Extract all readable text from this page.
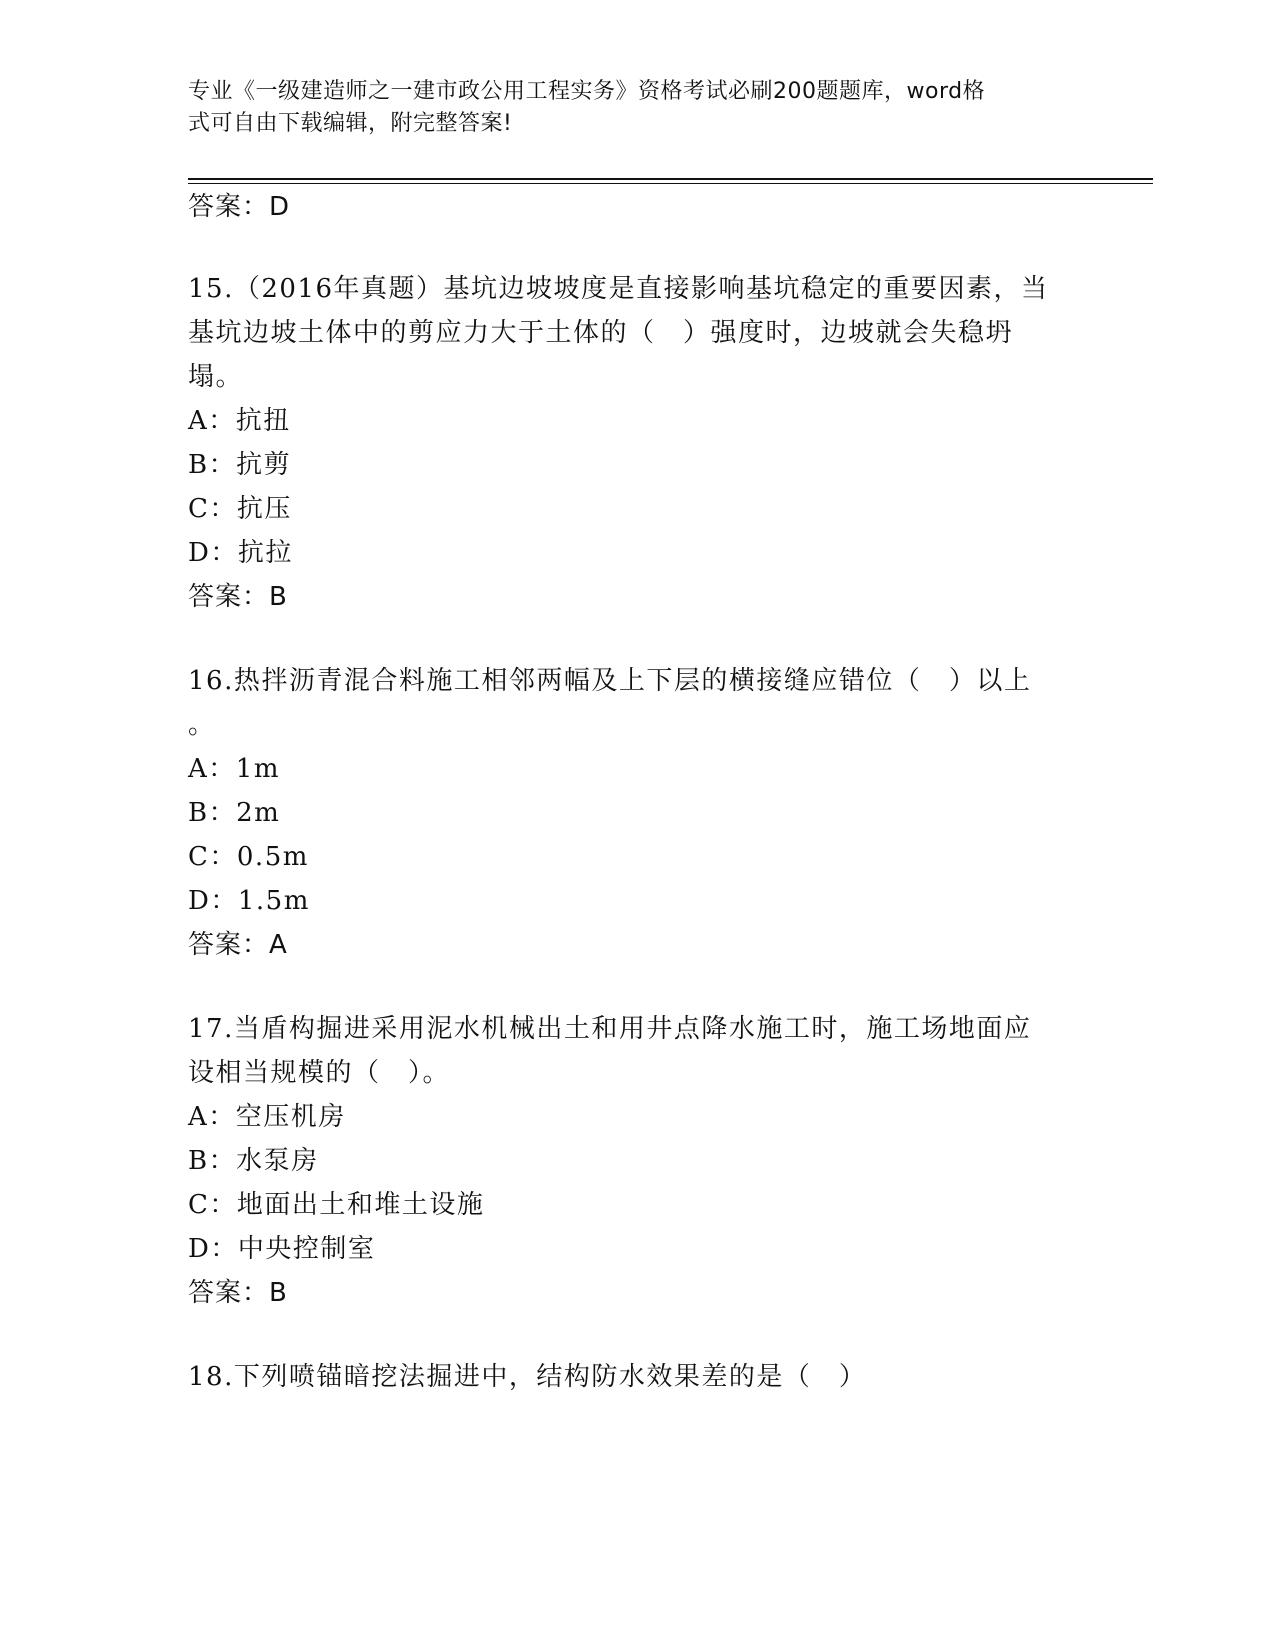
专业《一级建造师之一建市政公用工程实务》资格考试必刷200题题库，word格
式可自由下载编辑，附完整答案!
答案：D
15.（2016年真题）基坑边坡坡度是直接影响基坑稳定的重要因素，当
基坑边坡土体中的剪应力大于土体的（　）强度时，边坡就会失稳坍
塌。
A：抗扭
B：抗剪
C：抗压
D：抗拉
答案：B
16.热拌沥青混合料施工相邻两幅及上下层的横接缝应错位（　）以上
。
A：1m
B：2m
C：0.5m
D：1.5m
答案：A
17.当盾构掘进采用泥水机械出土和用井点降水施工时，施工场地面应
设相当规模的（　）。
A：空压机房
B：水泵房
C：地面出土和堆土设施
D：中央控制室
答案：B
18.下列喷锚暗挖法掘进中，结构防水效果差的是（　）
